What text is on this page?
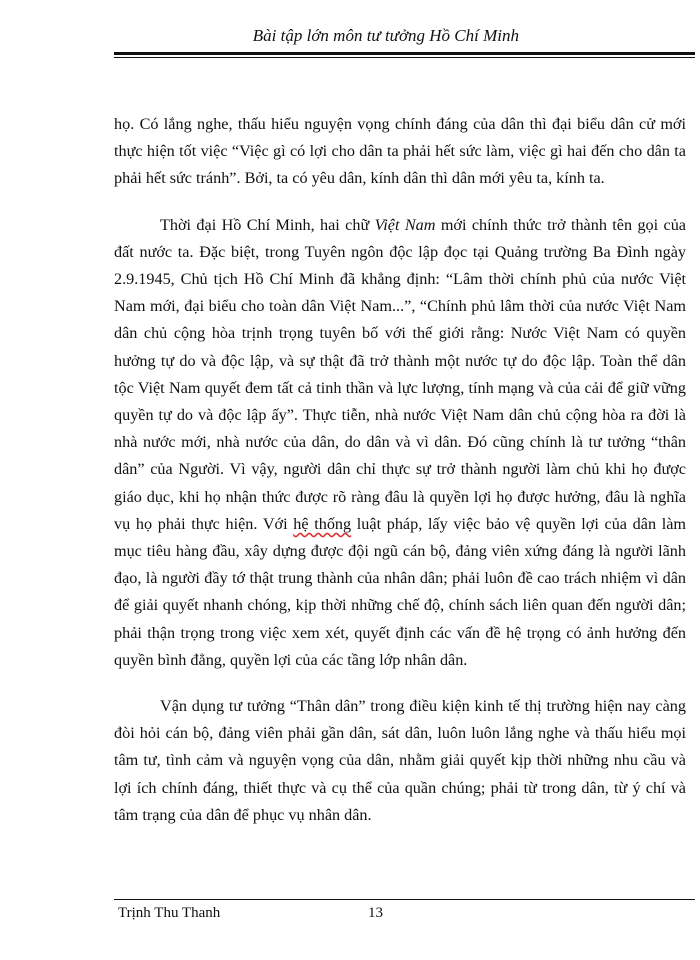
Bài tập lớn môn tư tưởng Hồ Chí Minh

họ. Có lắng nghe, thấu hiểu nguyện vọng chính đáng của dân thì đại biểu dân cử mới thực hiện tốt việc “Việc gì có lợi cho dân ta phải hết sức làm, việc gì hai đến cho dân ta phải hết sức tránh”. Bởi, ta có yêu dân, kính dân thì dân mới yêu ta, kính ta.

Thời đại Hồ Chí Minh, hai chữ Việt Nam mới chính thức trở thành tên gọi của đất nước ta. Đặc biệt, trong Tuyên ngôn độc lập đọc tại Quảng trường Ba Đình ngày 2.9.1945, Chủ tịch Hồ Chí Minh đã khẳng định: “Lâm thời chính phủ của nước Việt Nam mới, đại biểu cho toàn dân Việt Nam...”, “Chính phủ lâm thời của nước Việt Nam dân chủ cộng hòa trịnh trọng tuyên bố với thế giới rằng: Nước Việt Nam có quyền hưởng tự do và độc lập, và sự thật đã trở thành một nước tự do độc lập. Toàn thể dân tộc Việt Nam quyết đem tất cả tinh thần và lực lượng, tính mạng và của cải để giữ vững quyền tự do và độc lập ấy”. Thực tiễn, nhà nước Việt Nam dân chủ cộng hòa ra đời là nhà nước mới, nhà nước của dân, do dân và vì dân. Đó cũng chính là tư tưởng “thân dân” của Người. Vì vậy, người dân chỉ thực sự trở thành người làm chủ khi họ được giáo dục, khi họ nhận thức được rõ ràng đâu là quyền lợi họ được hưởng, đâu là nghĩa vụ họ phải thực hiện. Với hệ thống luật pháp, lấy việc bảo vệ quyền lợi của dân làm mục tiêu hàng đầu, xây dựng được đội ngũ cán bộ, đảng viên xứng đáng là người lãnh đạo, là người đầy tớ thật trung thành của nhân dân; phải luôn đề cao trách nhiệm vì dân để giải quyết nhanh chóng, kịp thời những chế độ, chính sách liên quan đến người dân; phải thận trọng trong việc xem xét, quyết định các vấn đề hệ trọng có ảnh hưởng đến quyền bình đẳng, quyền lợi của các tầng lớp nhân dân.

Vận dụng tư tưởng “Thân dân” trong điều kiện kinh tế thị trường hiện nay càng đòi hỏi cán bộ, đảng viên phải gần dân, sát dân, luôn luôn lắng nghe và thấu hiểu mọi tâm tư, tình cảm và nguyện vọng của dân, nhằm giải quyết kịp thời những nhu cầu và lợi ích chính đáng, thiết thực và cụ thể của quần chúng; phải từ trong dân, từ ý chí và tâm trạng của dân để phục vụ nhân dân.

Trịnh Thu Thanh	13
